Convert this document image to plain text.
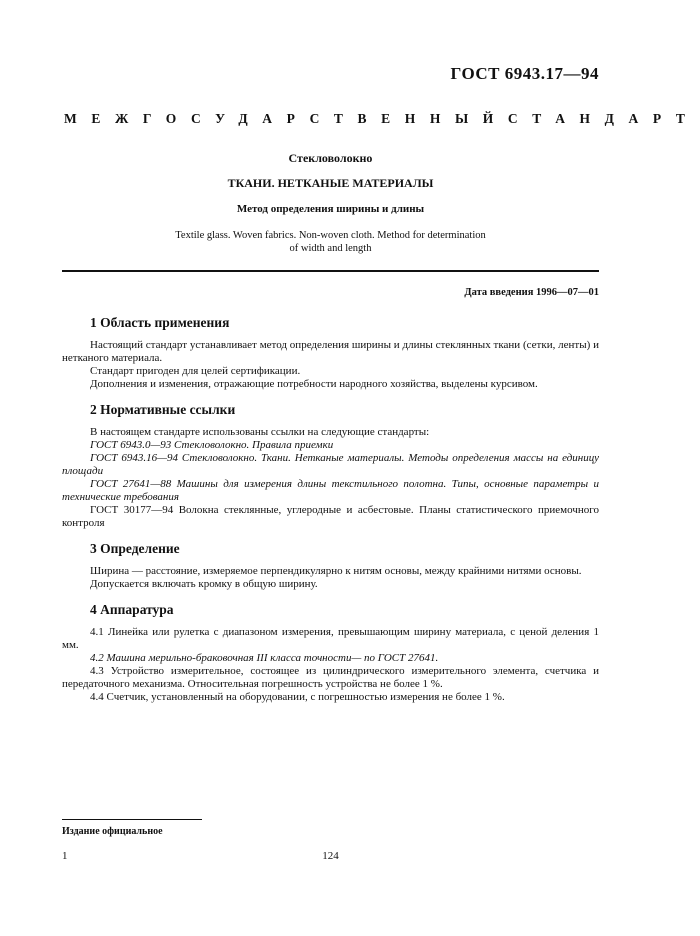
ГОСТ 6943.17—94
МЕЖГОСУДАРСТВЕННЫЙ СТАНДАРТ
Стекловолокно
ТКАНИ. НЕТКАНЫЕ МАТЕРИАЛЫ
Метод определения ширины и длины
Textile glass. Woven fabrics. Non-woven cloth. Method for determination
of width and length
Дата введения 1996—07—01
1 Область применения

Настоящий стандарт устанавливает метод определения ширины и длины стеклянных ткани (сетки, ленты) и нетканого материала.

Стандарт пригоден для целей сертификации.

Дополнения и изменения, отражающие потребности народного хозяйства, выделены курсивом.

2 Нормативные ссылки

В настоящем стандарте использованы ссылки на следующие стандарты:

ГОСТ 6943.0—93 Стекловолокно. Правила приемки

ГОСТ 6943.16—94 Стекловолокно. Ткани. Нетканые материалы. Методы определения массы на единицу площади

ГОСТ 27641—88 Машины для измерения длины текстильного полотна. Типы, основные параметры и технические требования

ГОСТ 30177—94 Волокна стеклянные, углеродные и асбестовые. Планы статистического приемочного контроля

3 Определение

Ширина — расстояние, измеряемое перпендикулярно к нитям основы, между крайними нитями основы.

Допускается включать кромку в общую ширину.

4 Аппаратура

4.1 Линейка или рулетка с диапазоном измерения, превышающим ширину материала, с ценой деления 1 мм.

4.2 Машина мерильно-браковочная III класса точности— по ГОСТ 27641.

4.3 Устройство измерительное, состоящее из цилиндрического измерительного элемента, счетчика и передаточного механизма. Относительная погрешность устройства не более 1 %.

4.4 Счетчик, установленный на оборудовании, с погрешностью измерения не более 1 %.

Издание официальное
1	124
